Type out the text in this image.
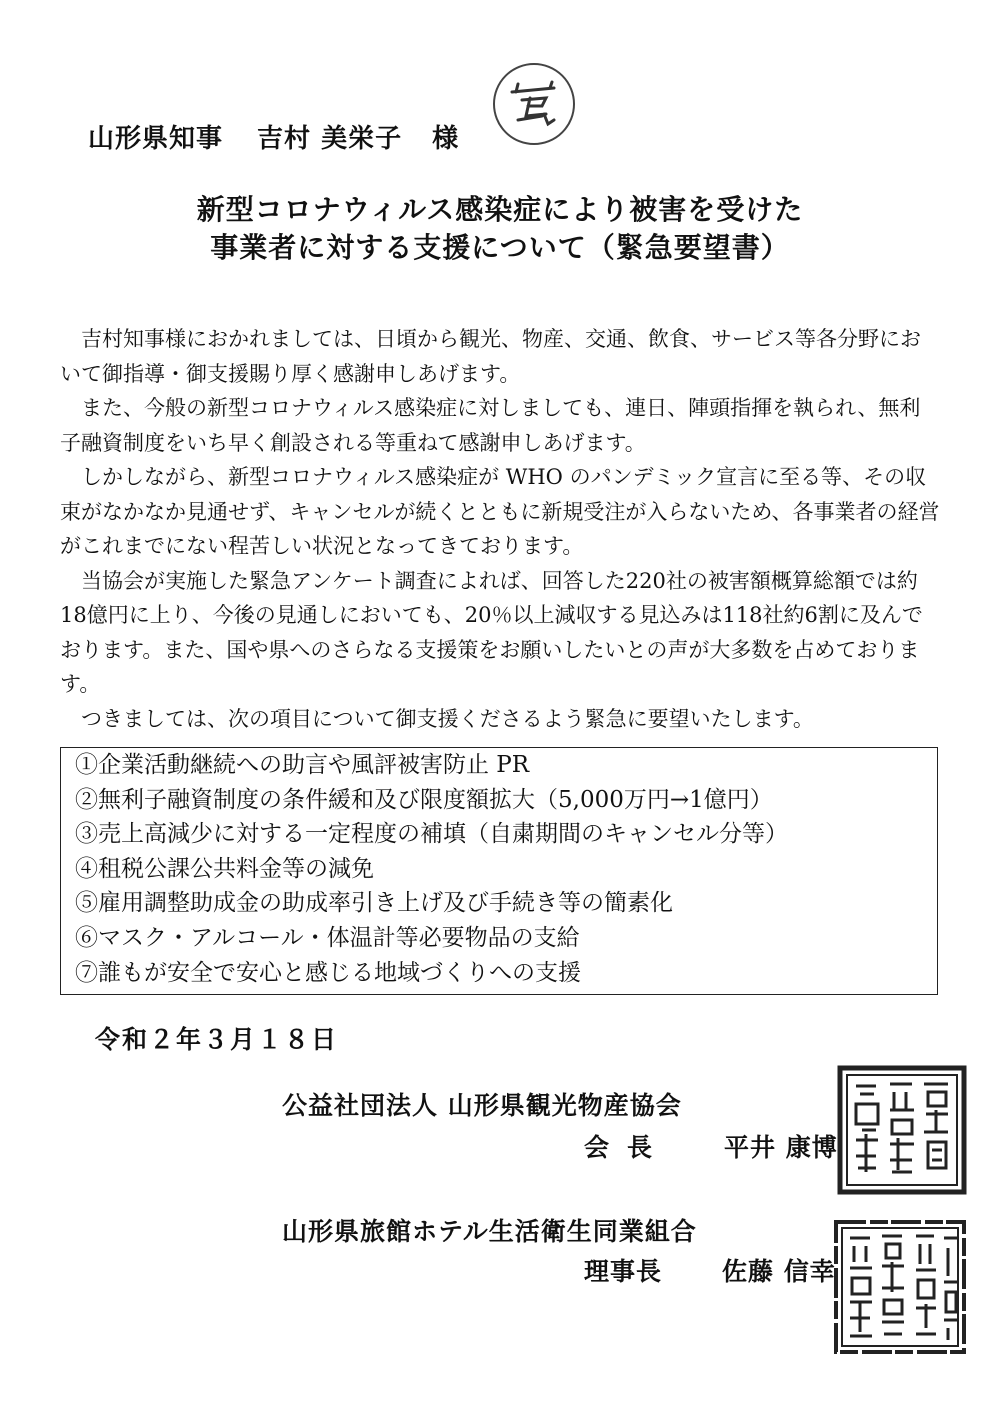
山形県知事 吉村 美栄子 様
新型コロナウィルス感染症により被害を受けた
事業者に対する支援について（緊急要望書）

吉村知事様におかれましては、日頃から観光、物産、交通、飲食、サービス等各分野において御指導・御支援賜り厚く感謝申しあげます。

また、今般の新型コロナウィルス感染症に対しましても、連日、陣頭指揮を執られ、無利子融資制度をいち早く創設される等重ねて感謝申しあげます。

しかしながら、新型コロナウィルス感染症が WHO のパンデミック宣言に至る等、その収束がなかなか見通せず、キャンセルが続くとともに新規受注が入らないため、各事業者の経営がこれまでにない程苦しい状況となってきております。

当協会が実施した緊急アンケート調査によれば、回答した220社の被害額概算総額では約18億円に上り、今後の見通しにおいても、20％以上減収する見込みは118社約6割に及んでおります。また、国や県へのさらなる支援策をお願いしたいとの声が大多数を占めております。

つきましては、次の項目について御支援くださるよう緊急に要望いたします。

①企業活動継続への助言や風評被害防止 PR
②無利子融資制度の条件緩和及び限度額拡大（5,000万円→1億円）
③売上高減少に対する一定程度の補填（自粛期間のキャンセル分等）
④租税公課公共料金等の減免
⑤雇用調整助成金の助成率引き上げ及び手続き等の簡素化
⑥マスク・アルコール・体温計等必要物品の支給
⑦誰もが安全で安心と感じる地域づくりへの支援
令和２年３月１８日
公益社団法人 山形県観光物産協会
会長 平井 康博
山形県旅館ホテル生活衛生同業組合
理事長 佐藤 信幸
